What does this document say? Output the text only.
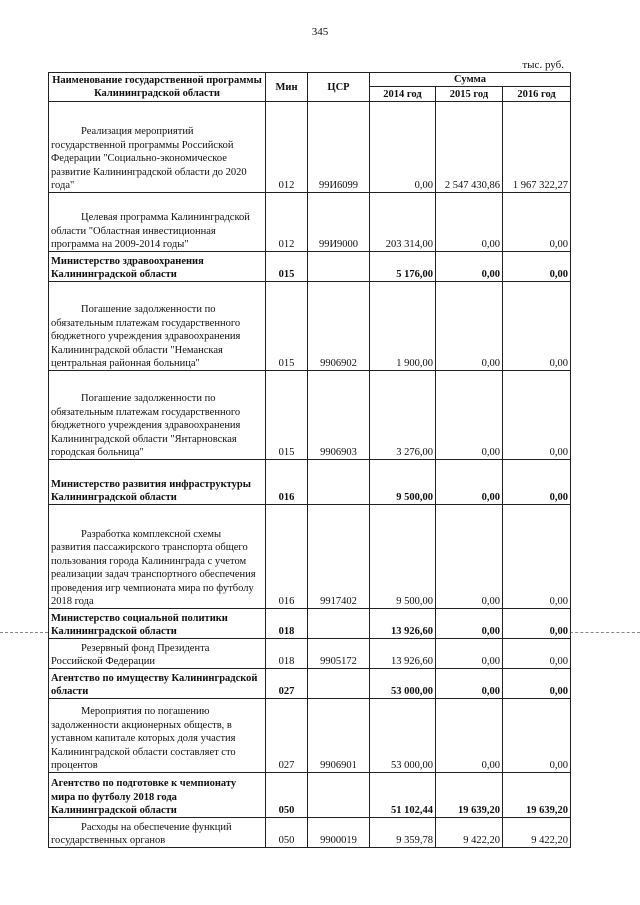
345
тыс. руб.
Наименование государственной программы Калининградской области	Мин	ЦСР	Сумма		
			2014 год	2015 год	2016 год
Реализация мероприятий государственной программы Российской Федерации "Социально-экономическое развитие Калининградской области до 2020 года"	012	99И6099	0,00	2 547 430,86	1 967 322,27
Целевая программа Калининградской области "Областная инвестиционная программа на 2009-2014 годы"	012	99И9000	203 314,00	0,00	0,00
Министерство здравоохранения Калининградской области	015		5 176,00	0,00	0,00
Погашение задолженности по обязательным платежам государственного бюджетного учреждения здравоохранения Калининградской области "Неманская центральная районная больница"	015	9906902	1 900,00	0,00	0,00
Погашение задолженности по обязательным платежам государственного бюджетного учреждения здравоохранения Калининградской области "Янтарновская городская больница"	015	9906903	3 276,00	0,00	0,00
Министерство развития инфраструктуры Калининградской области	016		9 500,00	0,00	0,00
Разработка комплексной схемы развития пассажирского транспорта общего пользования города Калининграда с учетом реализации задач транспортного обеспечения проведения игр чемпионата мира по футболу 2018 года	016	9917402	9 500,00	0,00	0,00
Министерство социальной политики Калининградской области	018		13 926,60	0,00	0,00
Резервный фонд Президента Российской Федерации	018	9905172	13 926,60	0,00	0,00
Агентство по имуществу Калининградской области	027		53 000,00	0,00	0,00
Мероприятия по погашению задолженности акционерных обществ, в уставном капитале которых доля участия Калининградской области составляет сто процентов	027	9906901	53 000,00	0,00	0,00
Агентство по подготовке к чемпионату мира по футболу 2018 года Калининградской области	050		51 102,44	19 639,20	19 639,20
Расходы на обеспечение функций государственных органов	050	9900019	9 359,78	9 422,20	9 422,20
